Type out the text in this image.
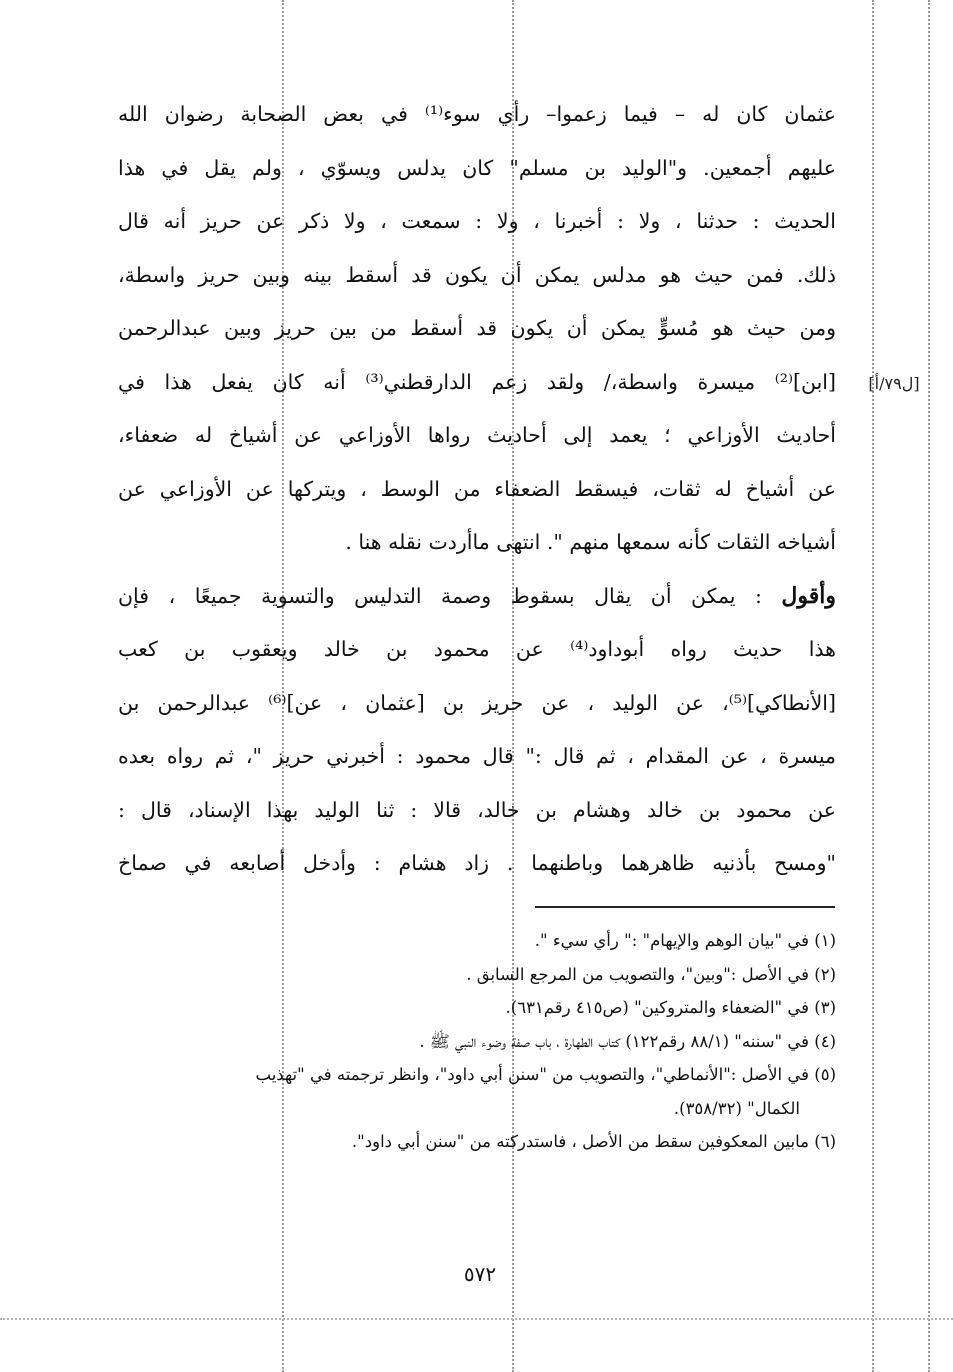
[ل٧٩/أ]
عثمان كان له – فيما زعموا– رأي سوء⁽¹⁾ في بعض الصحابة رضوان الله
عليهم أجمعين. و"الوليد بن مسلم" كان يدلس ويسوّي ، ولم يقل في هذا
الحديث : حدثنا ، ولا : أخبرنا ، ولا : سمعت ، ولا ذكر عن حريز أنه قال
ذلك. فمن حيث هو مدلس يمكن أن يكون قد أسقط بينه وبين حريز واسطة،
ومن حيث هو مُسوٍّ يمكن أن يكون قد أسقط من بين حريز وبين عبدالرحمن
[ابن]⁽²⁾ ميسرة واسطة،/ ولقد زعم الدارقطني⁽³⁾ أنه كان يفعل هذا في
أحاديث الأوزاعي ؛ يعمد إلى أحاديث رواها الأوزاعي عن أشياخ له ضعفاء،
عن أشياخ له ثقات، فيسقط الضعفاء من الوسط ، ويتركها عن الأوزاعي عن
أشياخه الثقات كأنه سمعها منهم ". انتهى ماأردت نقله هنا .
وأقول : يمكن أن يقال بسقوط وصمة التدليس والتسوية جميعًا ، فإن
هذا حديث رواه أبوداود⁽⁴⁾ عن محمود بن خالد ويعقوب بن كعب
[الأنطاكي]⁽⁵⁾، عن الوليد ، عن حريز بن [عثمان ، عن]⁽⁶⁾ عبدالرحمن بن
ميسرة ، عن المقدام ، ثم قال :" قال محمود : أخبرني حريز "، ثم رواه بعده
عن محمود بن خالد وهشام بن خالد، قالا : ثنا الوليد بهذا الإسناد، قال :
"ومسح بأذنيه ظاهرهما وباطنهما . زاد هشام : وأدخل أصابعه في صماخ
(١) في "بيان الوهم والإيهام" :" رأي سيء ".
(٢) في الأصل :"وبين"، والتصويب من المرجع السابق .
(٣) في "الضعفاء والمتروكين" (ص٤١٥ رقم٦٣١).
(٤) في "سننه" (٨٨/١ رقم١٢٢) كتاب الطهارة ، باب صفة وضوء النبي ﷺ .
(٥) في الأصل :"الأنماطي"، والتصويب من "سنن أبي داود"، وانظر ترجمته في "تهذيب
الكمال" (٣٥٨/٣٢).
(٦) مابين المعكوفين سقط من الأصل ، فاستدركته من "سنن أبي داود".
٥٧٢
